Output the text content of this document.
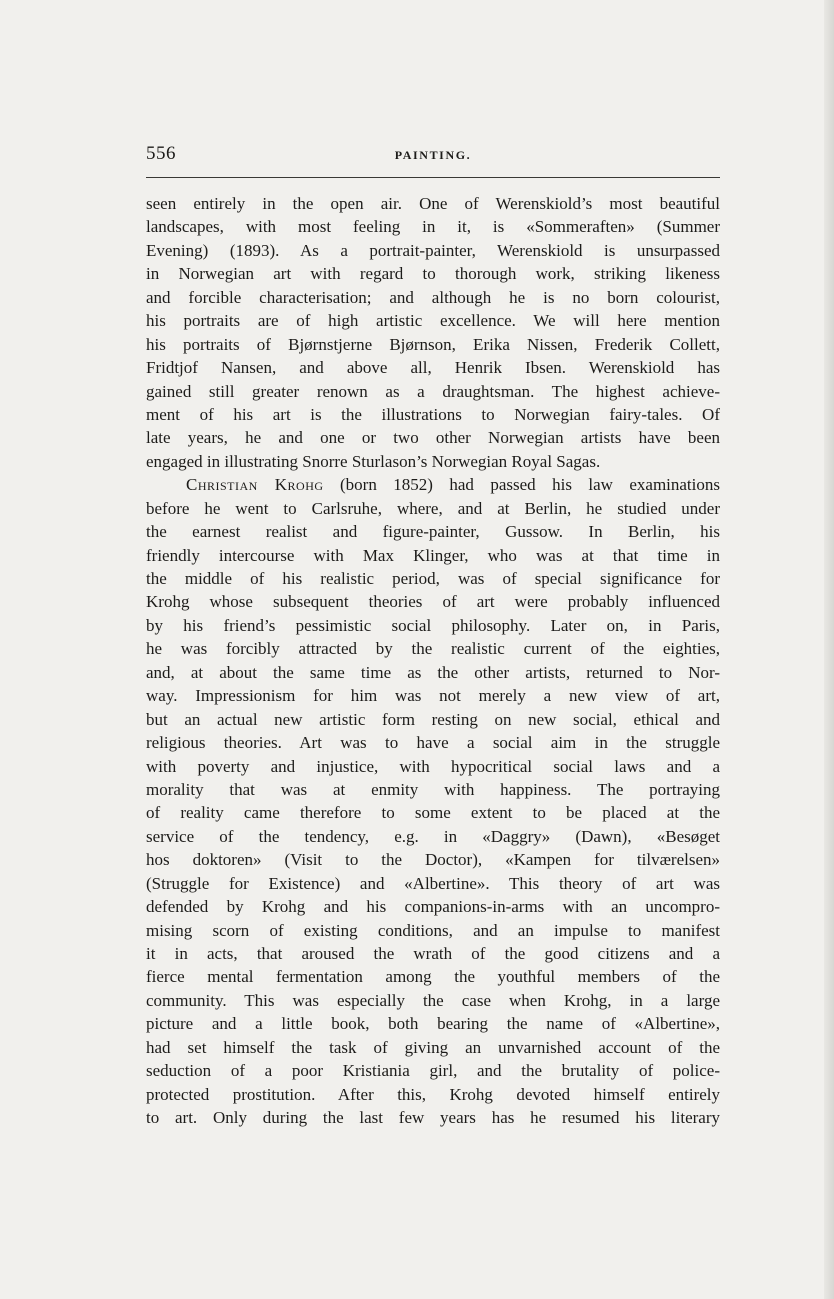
556	PAINTING.
seen entirely in the open air. One of Werenskiold’s most beautiful
landscapes, with most feeling in it, is «Sommeraften» (Summer
Evening) (1893). As a portrait-painter, Werenskiold is unsurpassed
in Norwegian art with regard to thorough work, striking likeness
and forcible characterisation; and although he is no born colourist,
his portraits are of high artistic excellence. We will here mention
his portraits of Bjørnstjerne Bjørnson, Erika Nissen, Frederik Collett,
Fridtjof Nansen, and above all, Henrik Ibsen. Werenskiold has
gained still greater renown as a draughtsman. The highest achieve-
ment of his art is the illustrations to Norwegian fairy-tales. Of
late years, he and one or two other Norwegian artists have been
engaged in illustrating Snorre Sturlason’s Norwegian Royal Sagas.
Christian Krohg (born 1852) had passed his law examinations
before he went to Carlsruhe, where, and at Berlin, he studied under
the earnest realist and figure-painter, Gussow. In Berlin, his
friendly intercourse with Max Klinger, who was at that time in
the middle of his realistic period, was of special significance for
Krohg whose subsequent theories of art were probably influenced
by his friend’s pessimistic social philosophy. Later on, in Paris,
he was forcibly attracted by the realistic current of the eighties,
and, at about the same time as the other artists, returned to Nor-
way. Impressionism for him was not merely a new view of art,
but an actual new artistic form resting on new social, ethical and
religious theories. Art was to have a social aim in the struggle
with poverty and injustice, with hypocritical social laws and a
morality that was at enmity with happiness. The portraying
of reality came therefore to some extent to be placed at the
service of the tendency, e.g. in «Daggry» (Dawn), «Besøget
hos doktoren» (Visit to the Doctor), «Kampen for tilværelsen»
(Struggle for Existence) and «Albertine». This theory of art was
defended by Krohg and his companions-in-arms with an uncompro-
mising scorn of existing conditions, and an impulse to manifest
it in acts, that aroused the wrath of the good citizens and a
fierce mental fermentation among the youthful members of the
community. This was especially the case when Krohg, in a large
picture and a little book, both bearing the name of «Albertine»,
had set himself the task of giving an unvarnished account of the
seduction of a poor Kristiania girl, and the brutality of police-
protected prostitution. After this, Krohg devoted himself entirely
to art. Only during the last few years has he resumed his literary
